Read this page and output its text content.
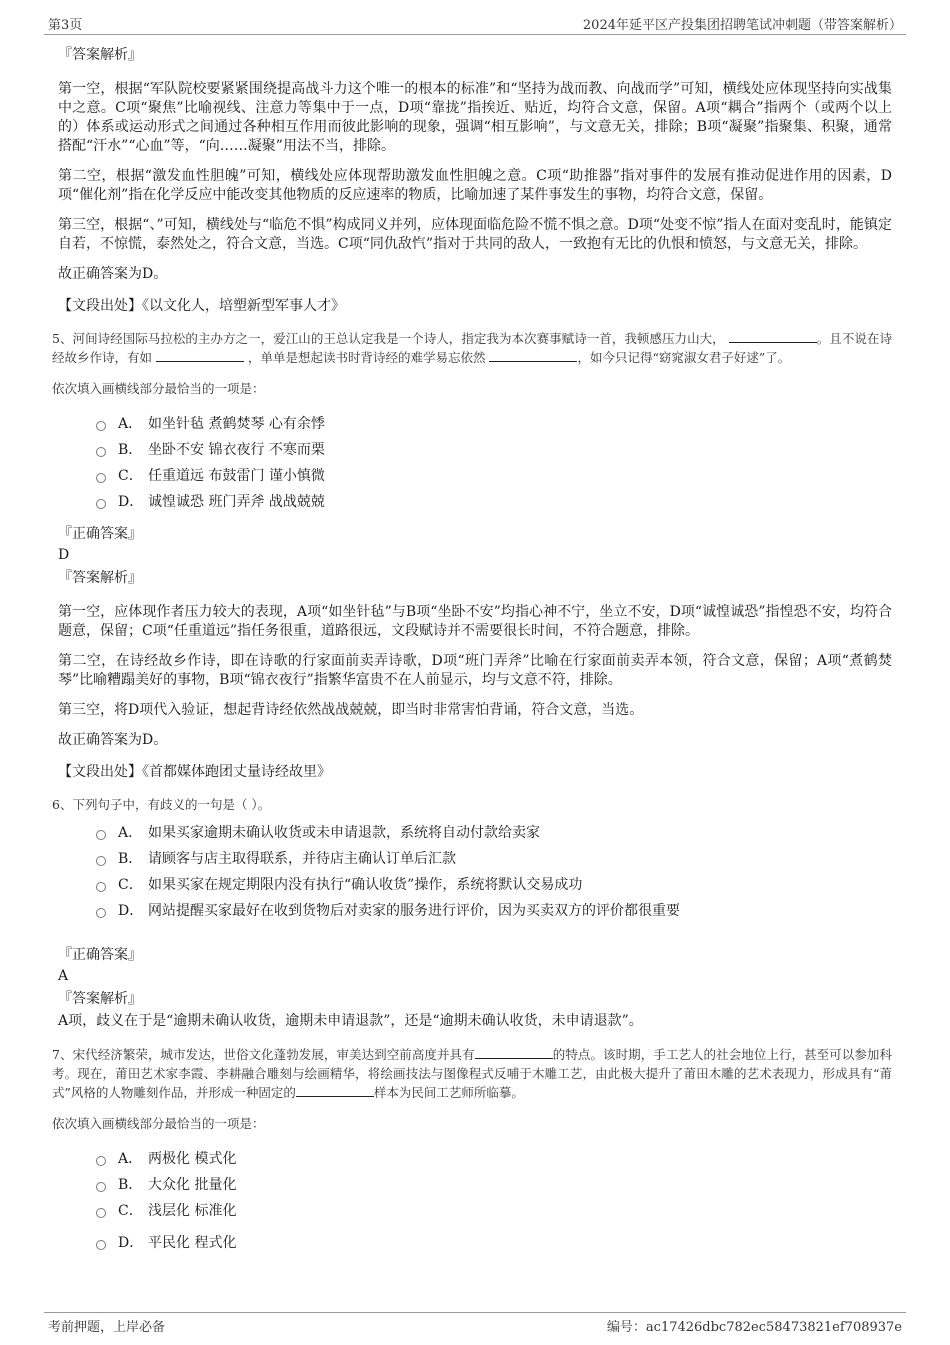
第3页	2024年延平区产投集团招聘笔试冲刺题（带答案解析）
『答案解析』

第一空，根据“军队院校要紧紧围绕提高战斗力这个唯一的根本的标准”和“坚持为战而教、向战而学”可知，横线处应体现坚持向实战集中之意。C项“聚焦”比喻视线、注意力等集中于一点，D项“靠拢”指挨近、贴近，均符合文意，保留。A项“耦合”指两个（或两个以上的）体系或运动形式之间通过各种相互作用而彼此影响的现象，强调“相互影响”，与文意无关，排除；B项“凝聚”指聚集、积聚，通常搭配“汗水”“心血”等，“向……凝聚”用法不当，排除。

第二空，根据“激发血性胆魄”可知，横线处应体现帮助激发血性胆魄之意。C项“助推器”指对事件的发展有推动促进作用的因素，D项“催化剂”指在化学反应中能改变其他物质的反应速率的物质，比喻加速了某件事发生的事物，均符合文意，保留。

第三空，根据“、”可知，横线处与“临危不惧”构成同义并列，应体现面临危险不慌不惧之意。D项“处变不惊”指人在面对变乱时，能镇定自若，不惊慌，泰然处之，符合文意，当选。C项“同仇敌忾”指对于共同的敌人，一致抱有无比的仇恨和愤怒，与文意无关，排除。

故正确答案为D。

【文段出处】《以文化人，培塑新型军事人才》

5、河间诗经国际马拉松的主办方之一，爱江山的王总认定我是一个诗人，指定我为本次赛事赋诗一首，我顿感压力山大，	。且不说在诗经故乡作诗，有如	，单单是想起读书时背诗经的难学易忘依然	，如今只记得“窈窕淑女君子好逑”了。

依次填入画横线部分最恰当的一项是：

A． 如坐针毡 煮鹤焚琴 心有余悸
B． 坐卧不安 锦衣夜行 不寒而栗
C． 任重道远 布鼓雷门 谨小慎微
D． 诚惶诚恐 班门弄斧 战战兢兢
『正确答案』
D
『答案解析』

第一空，应体现作者压力较大的表现，A项“如坐针毡”与B项“坐卧不安”均指心神不宁，坐立不安，D项“诚惶诚恐”指惶恐不安，均符合题意，保留；C项“任重道远”指任务很重，道路很远，文段赋诗并不需要很长时间，不符合题意，排除。

第二空，在诗经故乡作诗，即在诗歌的行家面前卖弄诗歌，D项“班门弄斧”比喻在行家面前卖弄本领，符合文意，保留；A项“煮鹤焚琴”比喻糟蹋美好的事物，B项“锦衣夜行”指繁华富贵不在人前显示，均与文意不符，排除。

第三空，将D项代入验证，想起背诗经依然战战兢兢，即当时非常害怕背诵，符合文意，当选。

故正确答案为D。

【文段出处】《首都媒体跑团丈量诗经故里》

6、下列句子中，有歧义的一句是（ ）。

A． 如果买家逾期未确认收货或未申请退款，系统将自动付款给卖家
B． 请顾客与店主取得联系，并待店主确认订单后汇款
C． 如果买家在规定期限内没有执行“确认收货”操作，系统将默认交易成功
D． 网站提醒买家最好在收到货物后对卖家的服务进行评价，因为买卖双方的评价都很重要
『正确答案』
A
『答案解析』

A项，歧义在于是“逾期未确认收货，逾期未申请退款”，还是“逾期未确认收货，未申请退款”。

7、宋代经济繁荣，城市发达，世俗文化蓬勃发展，审美达到空前高度并具有	的特点。该时期，手工艺人的社会地位上行，甚至可以参加科考。现在，莆田艺术家李霞、李耕融合雕刻与绘画精华，将绘画技法与图像程式反哺于木雕工艺，由此极大提升了莆田木雕的艺术表现力，形成具有“莆式”风格的人物雕刻作品，并形成一种固定的	样本为民间工艺师所临摹。

依次填入画横线部分最恰当的一项是：

A． 两极化 模式化
B． 大众化 批量化
C． 浅层化 标准化
D． 平民化 程式化
考前押题，上岸必备	编号：ac17426dbc782ec58473821ef708937e
